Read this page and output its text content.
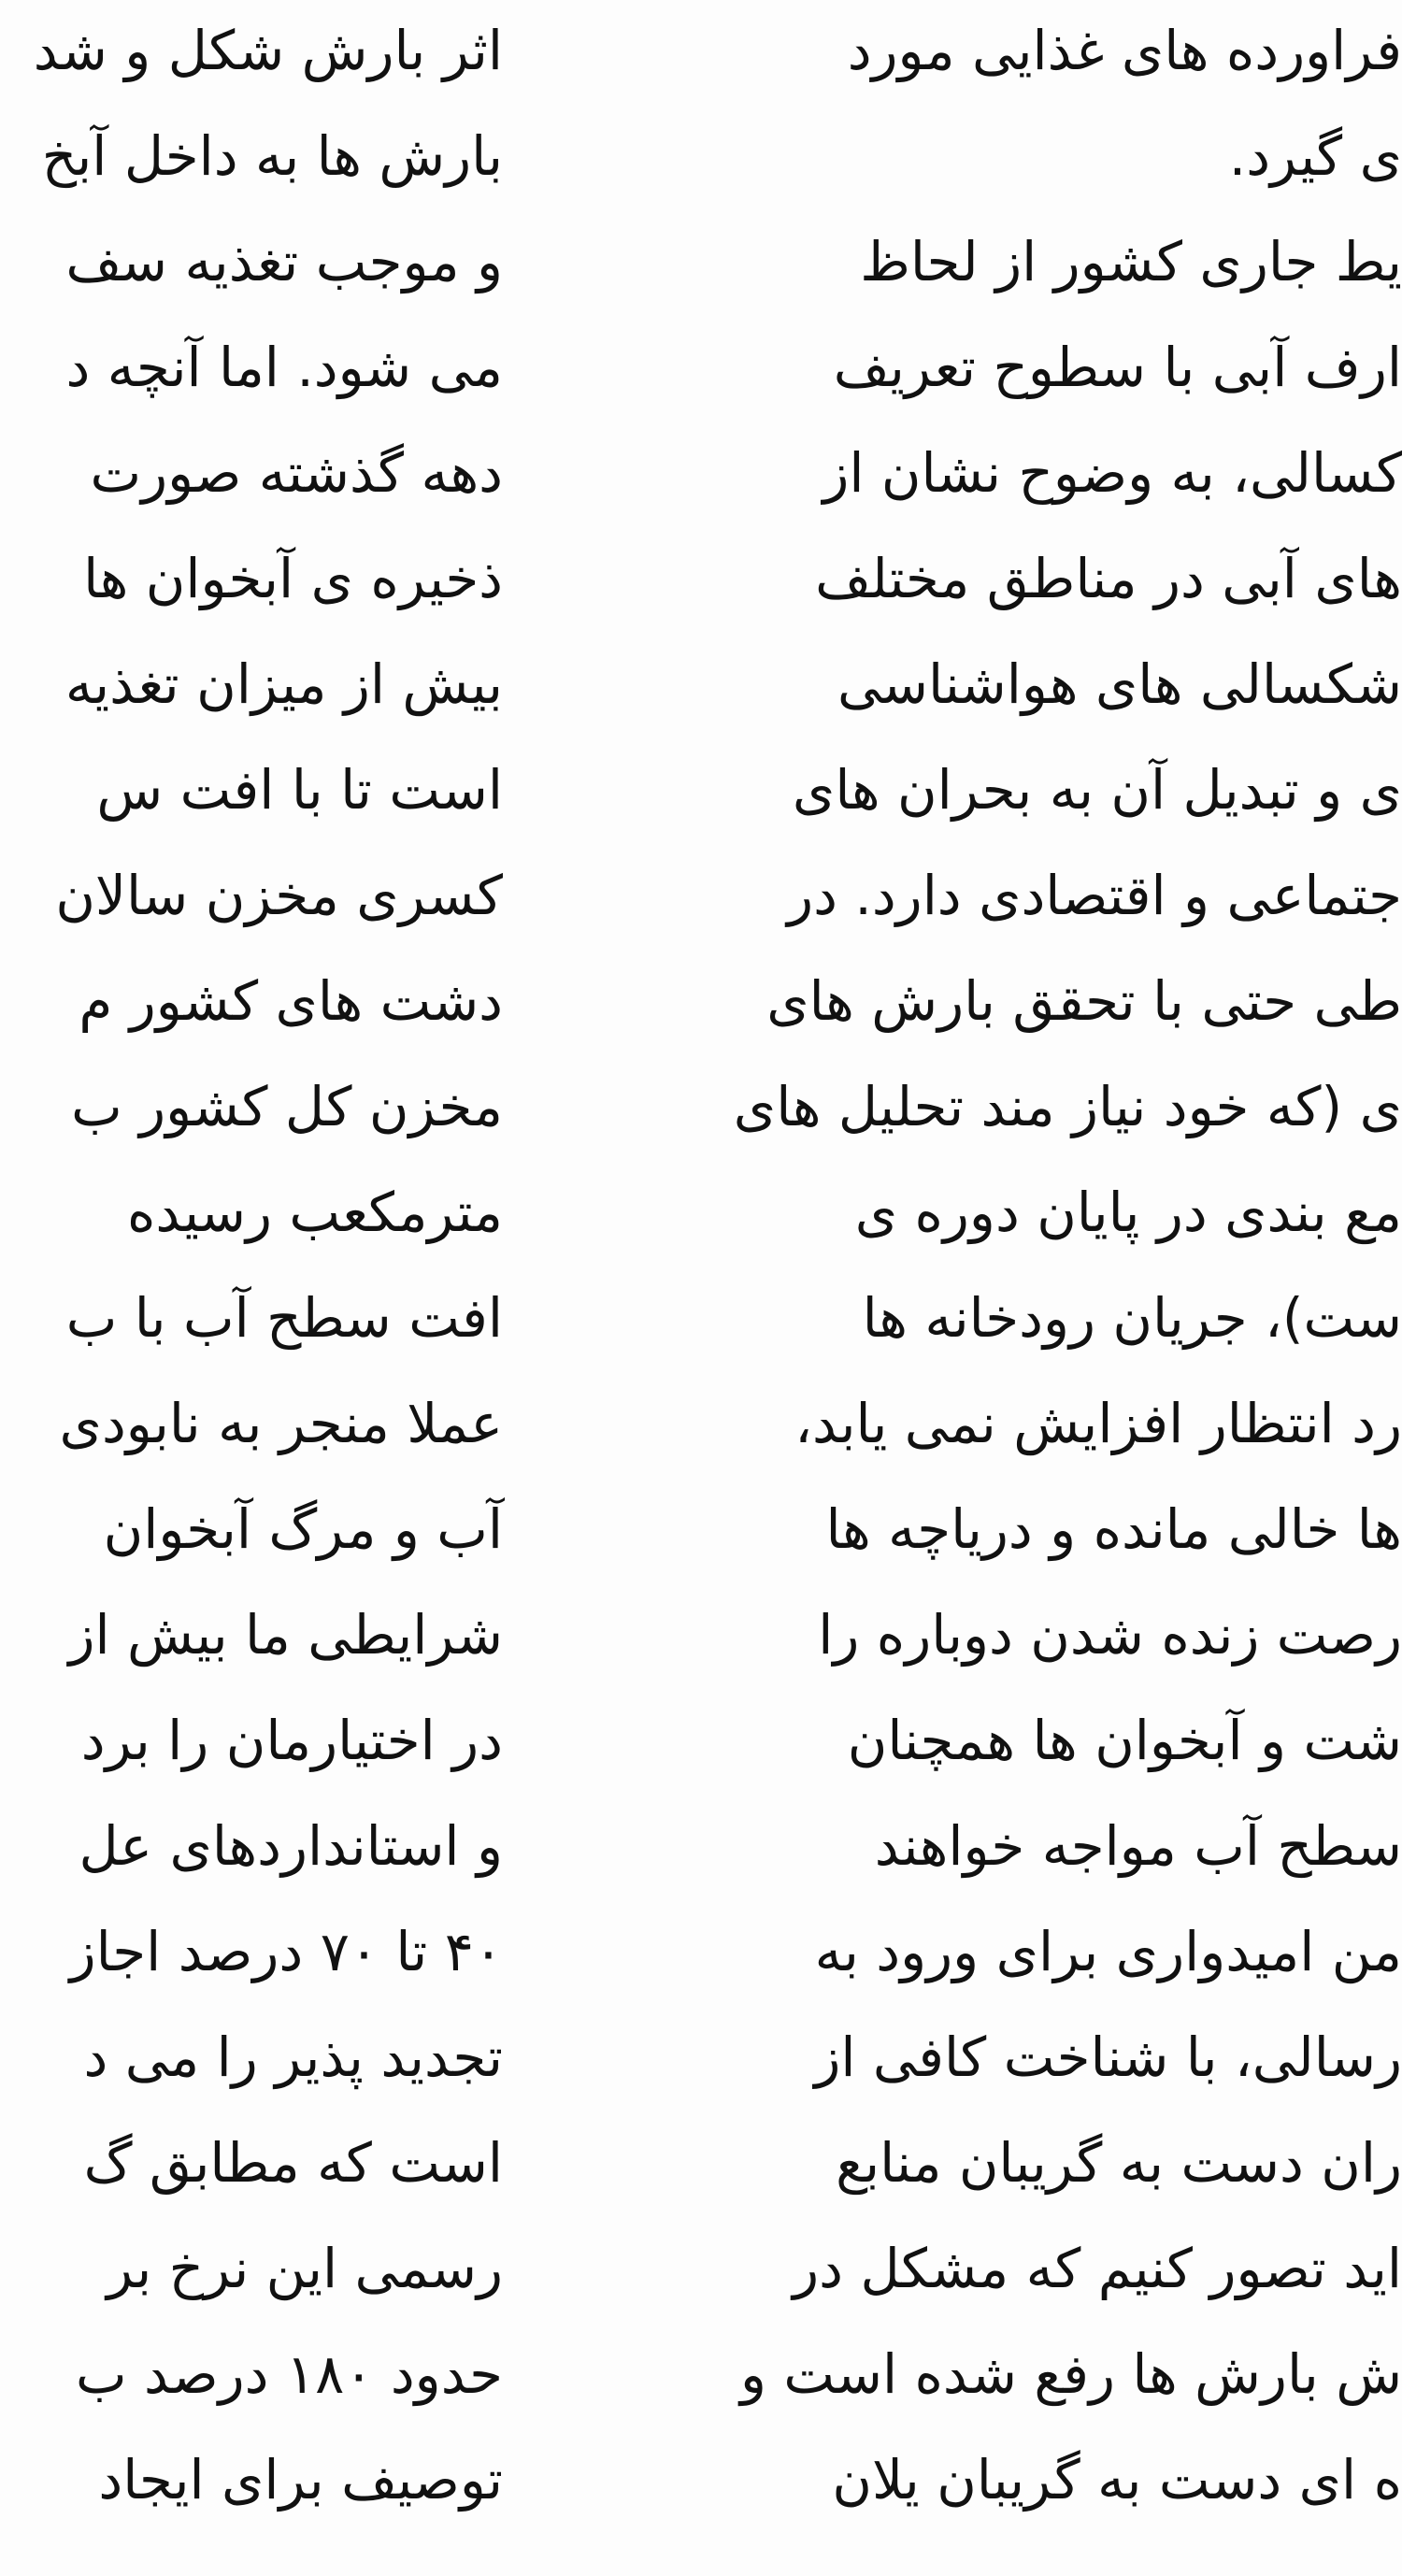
اثر بارش شکل و شد
بارش ها به داخل آبخ
و موجب تغذیه سف
می شود. اما آنچه د
دهه گذشته صورت
ذخیره ی آبخوان ها
بیش از میزان تغذیه
است تا با افت س
کسری مخزن سالان
دشت های کشور م
مخزن کل کشور ب
مترمکعب رسیده
افت سطح آب با ب
عملا منجر به نابودی
آب و مرگ آبخوان
شرایطی ما بیش از
در اختیارمان را برد
و استانداردهای عل
۴۰ تا ۷۰ درصد اجاز
تجدید پذیر را می د
است که مطابق گ
رسمی این نرخ بر
حدود ۱۸۰ درصد ب
توصیف برای ایجاد
فراورده های غذایی مورد
ی گیرد.
یط جاری کشور از لحاظ
ارف آبی با سطوح تعریف
کسالی، به وضوح نشان از
های آبی در مناطق مختلف
شکسالی های هواشناسی
ی و تبدیل آن به بحران های
جتماعی و اقتصادی دارد. در
طی حتی با تحقق بارش های
ی (که خود نیاز مند تحلیل های
مع بندی در پایان دوره ی
ست)، جریان رودخانه ها
رد انتظار افزایش نمی یابد،
ها خالی مانده و دریاچه ها
رصت زنده شدن دوباره را
شت و آبخوان ها همچنان
سطح آب مواجه خواهند
من امیدواری برای ورود به
رسالی، با شناخت کافی از
ران دست به گریبان منابع
اید تصور کنیم که مشکل در
ش بارش ها رفع شده است و
ه ای دست به گریبان یلان
